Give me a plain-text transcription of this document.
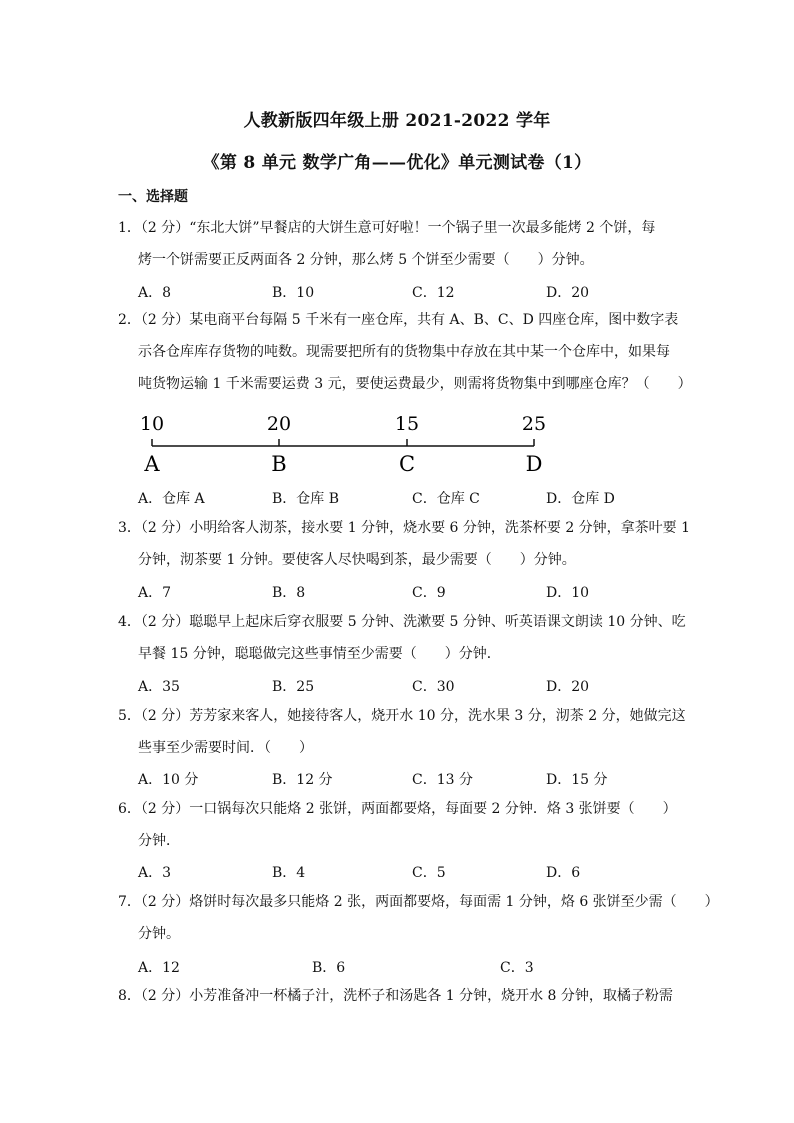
人教新版四年级上册 2021-2022 学年
《第 8 单元 数学广角——优化》单元测试卷（1）
一、选择题
1．（2 分）“东北大饼”早餐店的大饼生意可好啦！一个锅子里一次最多能烤 2 个饼，每
烤一个饼需要正反两面各 2 分钟，那么烤 5 个饼至少需要（　　）分钟。
A．8	B．10	C．12	D．20
2．（2 分）某电商平台每隔 5 千米有一座仓库，共有 A、B、C、D 四座仓库，图中数字表
示各仓库库存货物的吨数。现需要把所有的货物集中存放在其中某一个仓库中，如果每
吨货物运输 1 千米需要运费 3 元，要使运费最少，则需将货物集中到哪座仓库？（　　）
10	20	15	25
A	B	C	D
A．仓库 A	B．仓库 B	C．仓库 C	D．仓库 D
3．（2 分）小明给客人沏茶，接水要 1 分钟，烧水要 6 分钟，洗茶杯要 2 分钟，拿茶叶要 1
分钟，沏茶要 1 分钟。要使客人尽快喝到茶，最少需要（　　）分钟。
A．7	B．8	C．9	D．10
4．（2 分）聪聪早上起床后穿衣服要 5 分钟、洗漱要 5 分钟、听英语课文朗读 10 分钟、吃
早餐 15 分钟，聪聪做完这些事情至少需要（　　）分钟．
A．35	B．25	C．30	D．20
5．（2 分）芳芳家来客人，她接待客人，烧开水 10 分，洗水果 3 分，沏茶 2 分，她做完这
些事至少需要时间．（　　）
A．10 分	B．12 分	C．13 分	D．15 分
6．（2 分）一口锅每次只能烙 2 张饼，两面都要烙，每面要 2 分钟．烙 3 张饼要（　　）
分钟．
A．3	B．4	C．5	D．6
7．（2 分）烙饼时每次最多只能烙 2 张，两面都要烙，每面需 1 分钟，烙 6 张饼至少需（　　）
分钟。
A．12	B．6	C．3
8．（2 分）小芳准备冲一杯橘子汁，洗杯子和汤匙各 1 分钟，烧开水 8 分钟，取橘子粉需
